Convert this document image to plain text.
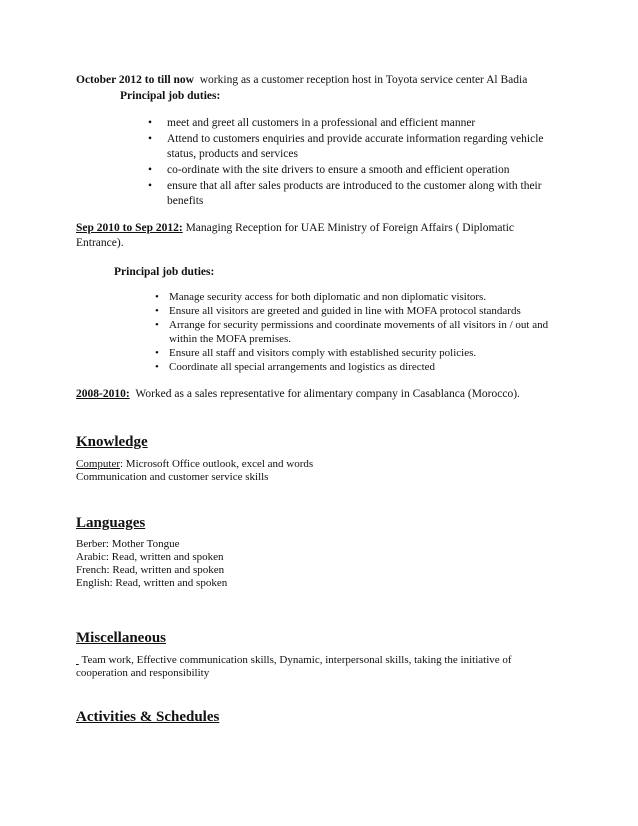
October 2012 to till now working as a customer reception host in Toyota service center Al Badia

Principal job duties:

• meet and greet all customers in a professional and efficient manner
• Attend to customers enquiries and provide accurate information regarding vehicle status, products and services
• co-ordinate with the site drivers to ensure a smooth and efficient operation
• ensure that all after sales products are introduced to the customer along with their benefits

Sep 2010 to Sep 2012: Managing Reception for UAE Ministry of Foreign Affairs ( Diplomatic Entrance).

Principal job duties:

• Manage security access for both diplomatic and non diplomatic visitors.
• Ensure all visitors are greeted and guided in line with MOFA protocol standards
• Arrange for security permissions and coordinate movements of all visitors in / out and within the MOFA premises.
• Ensure all staff and visitors comply with established security policies.
• Coordinate all special arrangements and logistics as directed

2008-2010: Worked as a sales representative for alimentary company in Casablanca (Morocco).

Knowledge

Computer: Microsoft Office outlook, excel and words

Communication and customer service skills

Languages

Berber: Mother Tongue

Arabic: Read, written and spoken

French: Read, written and spoken

English: Read, written and spoken

Miscellaneous

Team work, Effective communication skills, Dynamic, interpersonal skills, taking the initiative of cooperation and responsibility

Activities & Schedules
